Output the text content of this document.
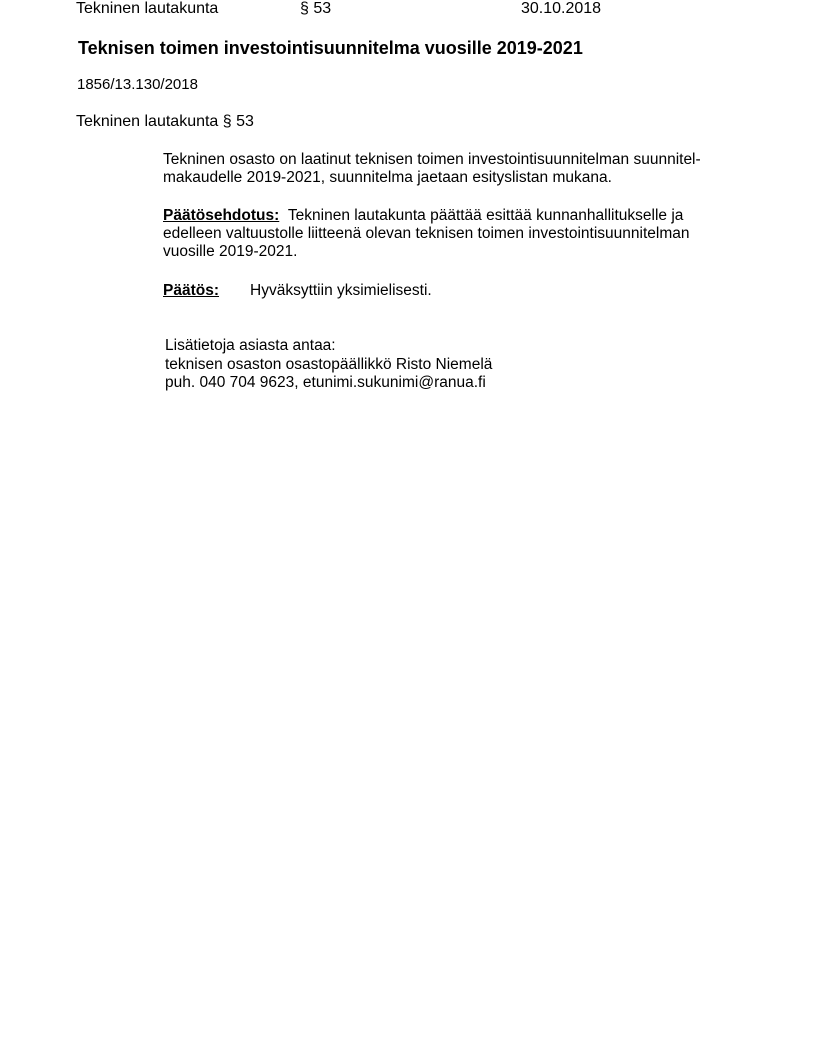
Tekninen lautakunta	§ 53	30.10.2018
Teknisen toimen investointisuunnitelma vuosille 2019-2021
1856/13.130/2018
Tekninen lautakunta § 53
Tekninen osasto on laatinut teknisen toimen investointisuunnitelman suunnitel-
makaudelle 2019-2021, suunnitelma jaetaan esityslistan mukana.
Päätösehdotus: Tekninen lautakunta päättää esittää kunnanhallitukselle ja
edelleen valtuustolle liitteenä olevan teknisen toimen investointisuunnitelman
vuosille 2019-2021.
Päätös: Hyväksyttiin yksimielisesti.
Lisätietoja asiasta antaa:
teknisen osaston osastopäällikkö Risto Niemelä
puh. 040 704 9623, etunimi.sukunimi@ranua.fi
